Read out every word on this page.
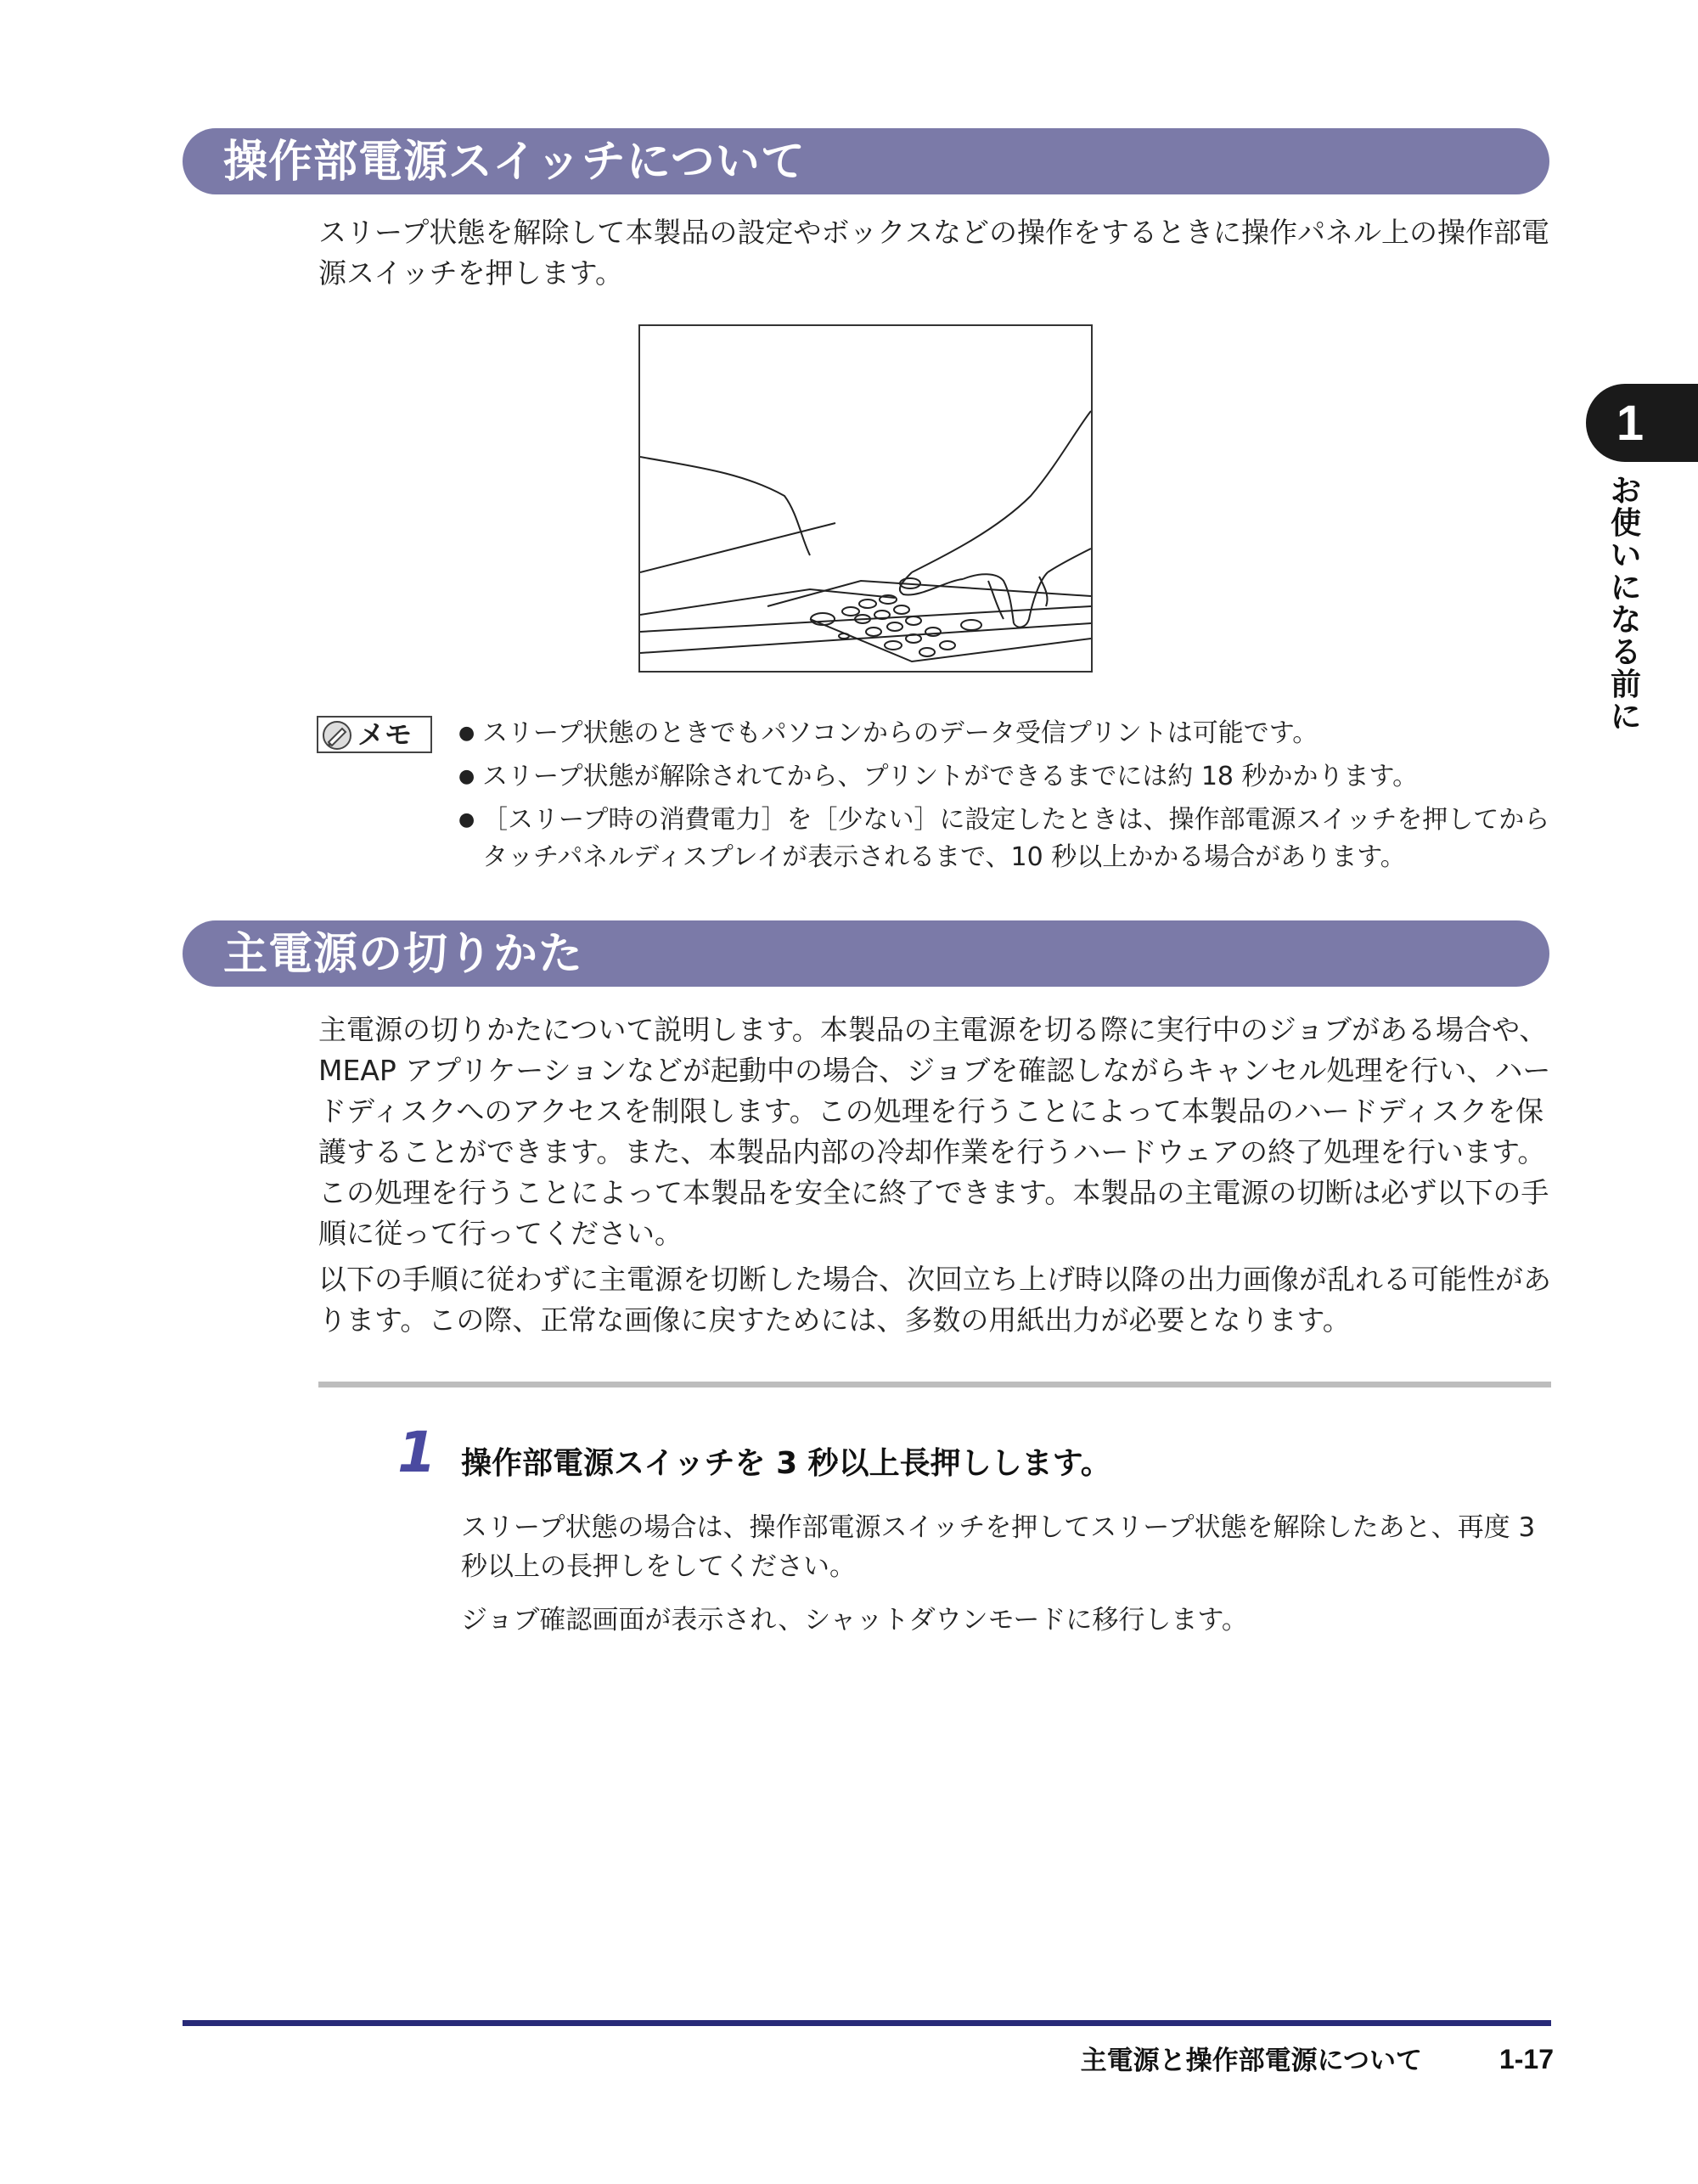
操作部電源スイッチについて

スリープ状態を解除して本製品の設定やボックスなどの操作をするときに操作パネル上の操作部電源スイッチを押します。

メモ ● スリープ状態のときでもパソコンからのデータ受信プリントは可能です。
● スリープ状態が解除されてから、プリントができるまでには約 18 秒かかります。
● ［スリープ時の消費電力］を［少ない］に設定したときは、操作部電源スイッチを押してからタッチパネルディスプレイが表示されるまで、10 秒以上かかる場合があります。
主電源の切りかた

主電源の切りかたについて説明します。本製品の主電源を切る際に実行中のジョブがある場合や、MEAP アプリケーションなどが起動中の場合、ジョブを確認しながらキャンセル処理を行い、ハードディスクへのアクセスを制限します。この処理を行うことによって本製品のハードディスクを保護することができます。また、本製品内部の冷却作業を行うハードウェアの終了処理を行います。この処理を行うことによって本製品を安全に終了できます。本製品の主電源の切断は必ず以下の手順に従って行ってください。

以下の手順に従わずに主電源を切断した場合、次回立ち上げ時以降の出力画像が乱れる可能性があります。この際、正常な画像に戻すためには、多数の用紙出力が必要となります。

1 操作部電源スイッチを 3 秒以上長押しします。

スリープ状態の場合は、操作部電源スイッチを押してスリープ状態を解除したあと、再度 3 秒以上の長押しをしてください。

ジョブ確認画面が表示され、シャットダウンモードに移行します。

主電源と操作部電源について	1-17
1
お使いになる前に
